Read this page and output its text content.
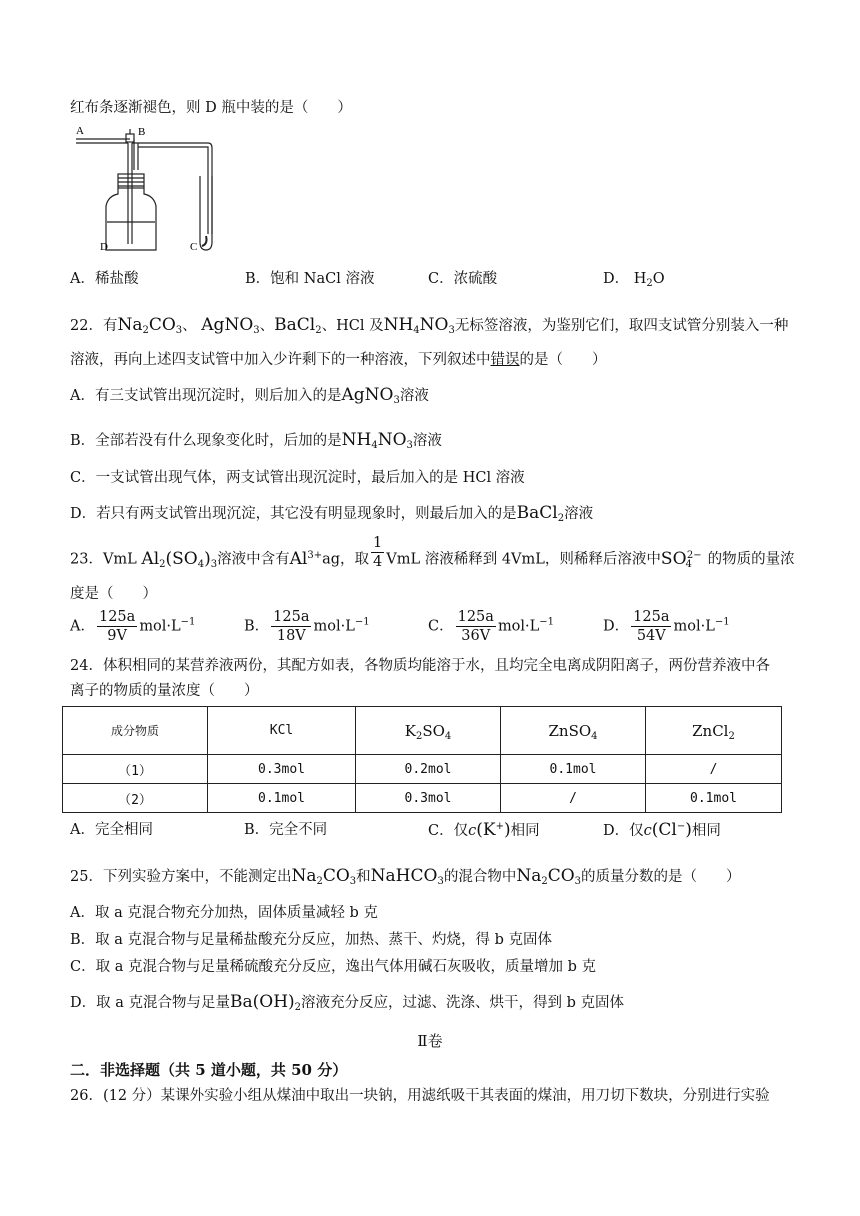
红布条逐渐褪色，则 D 瓶中装的是（　　）
A	B
D	C
A．稀盐酸	B．饱和 NaCl 溶液	C．浓硫酸	D． $H_2O$
22．有$Na_2CO_3$、 AgNO$_3$、BaCl$_2$、HCl 及$NH_4NO_3$无标签溶液，为鉴别它们，取四支试管分别装入一种
溶液，再向上述四支试管中加入少许剩下的一种溶液，下列叙述中错误的是（　　）
A．有三支试管出现沉淀时，则后加入的是AgNO$_3$溶液
B．全部若没有什么现象变化时，后加的是$NH_4NO_3$溶液
C．一支试管出现气体，两支试管出现沉淀时，最后加入的是 HCl 溶液
D．若只有两支试管出现沉淀，其它没有明显现象时，则最后加入的是BaCl$_2$溶液
23．VmL $Al_2(SO_4)_3$溶液中含有$Al^{3+}ag$，取 $\frac{1}{4}$ VmL 溶液稀释到 4VmL，则稀释后溶液中$SO_4^{2-}$ 的物质的量浓
度是（　　）
A． $\frac{125a}{9V} mol\cdot L^{-1}$	B． $\frac{125a}{18V} mol\cdot L^{-1}$	C． $\frac{125a}{36V} mol\cdot L^{-1}$	D． $\frac{125a}{54V} mol\cdot L^{-1}$
24．体积相同的某营养液两份，其配方如表，各物质均能溶于水，且均完全电离成阴阳离子，两份营养液中各
离子的物质的量浓度（　　）
成分物质	KCl	$K_2SO_4$	ZnSO$_4$	ZnCl$_2$
（1）	0.3mol	0.2mol	0.1mol	/
（2）	0.1mol	0.3mol	/	0.1mol
A．完全相同	B．完全不同	C．仅c(K+)相同	D．仅c(Cl−)相同
25．下列实验方案中，不能测定出$Na_2CO_3$和NaHCO$_3$的混合物中$Na_2CO_3$的质量分数的是（　　）
A．取 a 克混合物充分加热，固体质量减轻 b 克
B．取 a 克混合物与足量稀盐酸充分反应，加热、蒸干、灼烧，得 b 克固体
C．取 a 克混合物与足量稀硫酸充分反应，逸出气体用碱石灰吸收，质量增加 b 克
D．取 a 克混合物与足量$Ba(OH)_2$溶液充分反应，过滤、洗涤、烘干，得到 b 克固体
Ⅱ卷
二．非选择题（共 5 道小题，共 50 分）
26．(12 分）某课外实验小组从煤油中取出一块钠，用滤纸吸干其表面的煤油，用刀切下数块，分别进行实验
